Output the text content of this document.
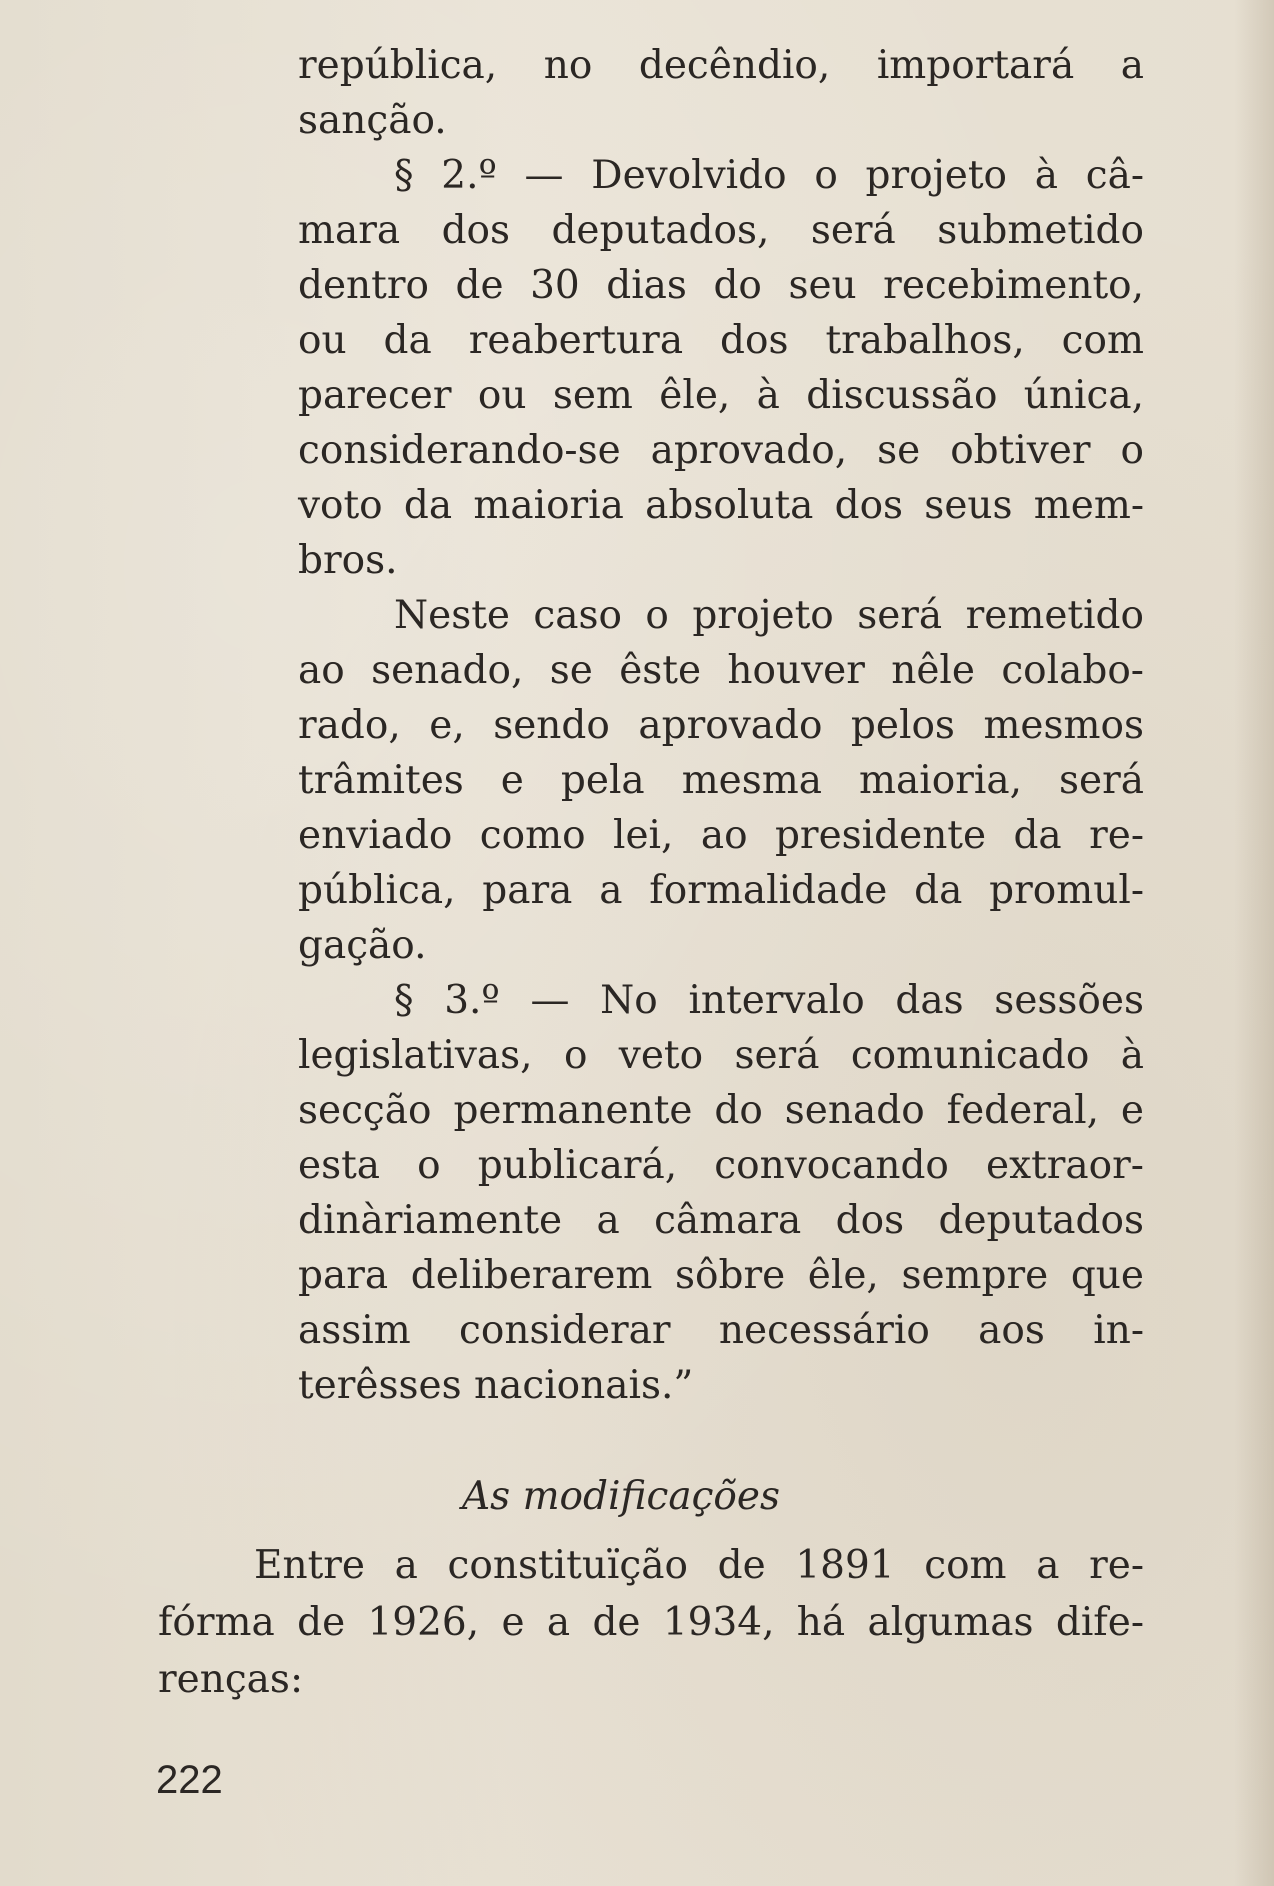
república, no decêndio, importará a
sanção.
§ 2.º — Devolvido o projeto à câ-
mara dos deputados, será submetido
dentro de 30 dias do seu recebimento,
ou da reabertura dos trabalhos, com
parecer ou sem êle, à discussão única,
considerando-se aprovado, se obtiver o
voto da maioria absoluta dos seus mem-
bros.
Neste caso o projeto será remetido
ao senado, se êste houver nêle colabo-
rado, e, sendo aprovado pelos mesmos
trâmites e pela mesma maioria, será
enviado como lei, ao presidente da re-
pública, para a formalidade da promul-
gação.
§ 3.º — No intervalo das sessões
legislativas, o veto será comunicado à
secção permanente do senado federal, e
esta o publicará, convocando extraor-
dinàriamente a câmara dos deputados
para deliberarem sôbre êle, sempre que
assim considerar necessário aos in-
terêsses nacionais.”
As modificações
Entre a constituïção de 1891 com a re-
fórma de 1926, e a de 1934, há algumas dife-
renças:
222
